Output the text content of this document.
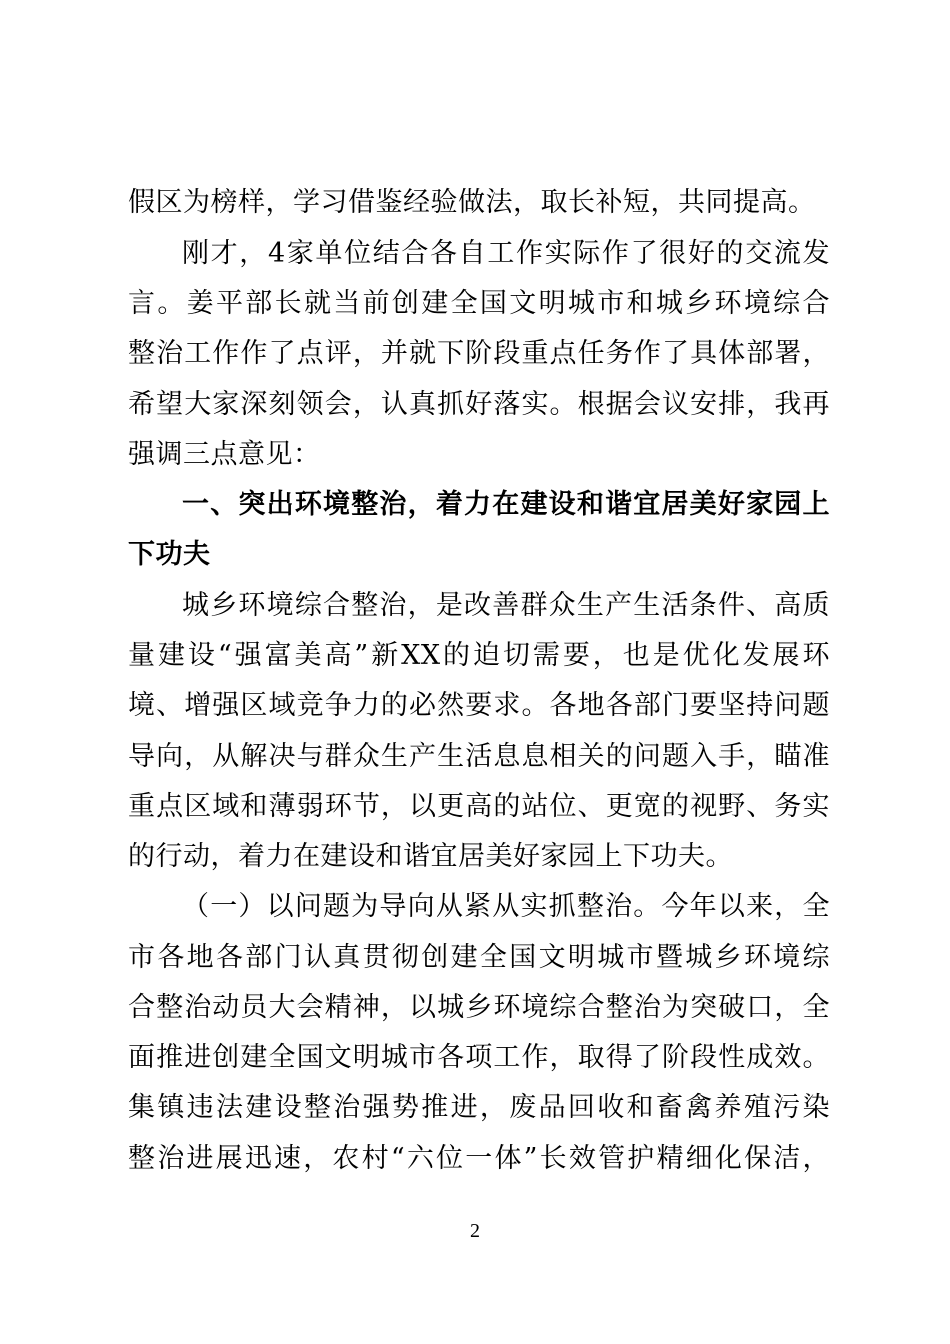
假区为榜样，学习借鉴经验做法，取长补短，共同提高。
刚才，4家单位结合各自工作实际作了很好的交流发
言。姜平部长就当前创建全国文明城市和城乡环境综合
整治工作作了点评，并就下阶段重点任务作了具体部署，
希望大家深刻领会，认真抓好落实。根据会议安排，我再
强调三点意见：
一、突出环境整治，着力在建设和谐宜居美好家园上
下功夫
城乡环境综合整治，是改善群众生产生活条件、高质
量建设“强富美高”新XX的迫切需要，也是优化发展环
境、增强区域竞争力的必然要求。各地各部门要坚持问题
导向，从解决与群众生产生活息息相关的问题入手，瞄准
重点区域和薄弱环节，以更高的站位、更宽的视野、务实
的行动，着力在建设和谐宜居美好家园上下功夫。
（一）以问题为导向从紧从实抓整治。今年以来，全
市各地各部门认真贯彻创建全国文明城市暨城乡环境综
合整治动员大会精神，以城乡环境综合整治为突破口，全
面推进创建全国文明城市各项工作，取得了阶段性成效。
集镇违法建设整治强势推进，废品回收和畜禽养殖污染
整治进展迅速，农村“六位一体”长效管护精细化保洁，
2
